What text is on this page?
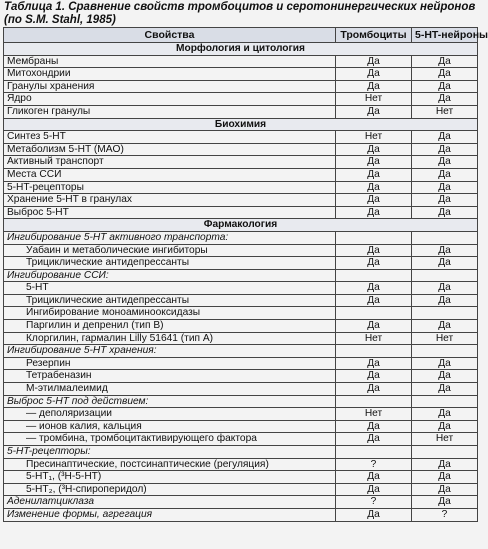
Таблица 1. Сравнение свойств тромбоцитов и серотонинергических нейронов
(по S.M. Stahl, 1985)
Свойства	Тромбоциты	5-HT-нейроны
Морфология и цитология		
Мембраны	Да	Да
Митохондрии	Да	Да
Гранулы хранения	Да	Да
Ядро	Нет	Да
Гликоген гранулы	Да	Нет
Биохимия		
Синтез 5-HT	Нет	Да
Метаболизм 5-HT (MAO)	Да	Да
Активный транспорт	Да	Да
Места ССИ	Да	Да
5-HT-рецепторы	Да	Да
Хранение 5-HT в гранулах	Да	Да
Выброс 5-HT	Да	Да
Фармакология		
Ингибирование 5-HT активного транспорта:		
Уабаин и метаболические ингибиторы	Да	Да
Трициклические антидепрессанты	Да	Да
Ингибирование ССИ:		
5-HT	Да	Да
Трициклические антидепрессанты	Да	Да
Ингибирование моноаминооксидазы		
Паргилин и депренил (тип В)	Да	Да
Клоргилин, гармалин Lilly 51641 (тип А)	Нет	Нет
Ингибирование 5-HT хранения:		
Резерпин	Да	Да
Тетрабеназин	Да	Да
М-этилмалеимид	Да	Да
Выброс 5-HT под действием:		
— деполяризации	Нет	Да
— ионов калия, кальция	Да	Да
— тромбина, тромбоцитактивирующего фактора	Да	Нет
5-HT-рецепторы:		
Пресинаптические, постсинаптические (регуляция)	?	Да
5-HT₁, (³H-5-HT)	Да	Да
5-HT₂, (³H-спироперидол)	Да	Да
Аденилатциклаза	?	Да
Изменение формы, агрегация	Да	?
